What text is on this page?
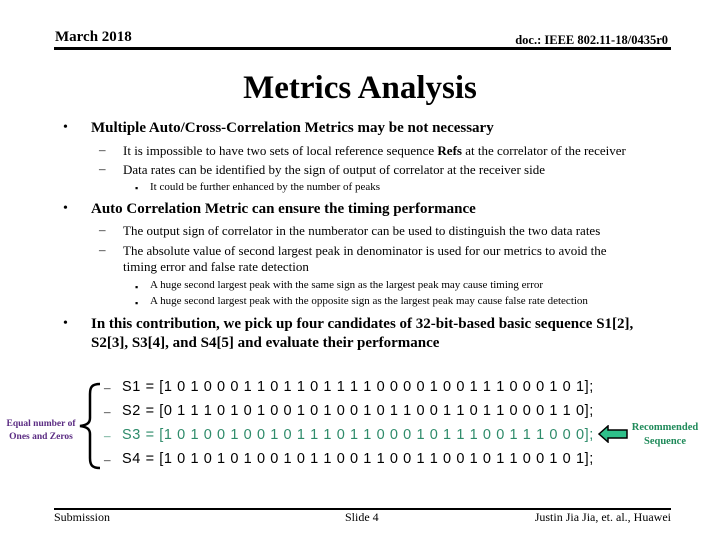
March 2018	doc.: IEEE 802.11-18/0435r0
Metrics Analysis
• Multiple Auto/Cross-Correlation Metrics may be not necessary
– It is impossible to have two sets of local reference sequence Refs at the correlator of the receiver
– Data rates can be identified by the sign of output of correlator at the receiver side
▪ It could be further enhanced by the number of peaks
• Auto Correlation Metric can ensure the timing performance
– The output sign of correlator in the numberator can be used to distinguish the two data rates
– The absolute value of second largest peak in denominator is used for our metrics to avoid the
timing error and false rate detection
▪ A huge second largest peak with the same sign as the largest peak may cause timing error
▪ A huge second largest peak with the opposite sign as the largest peak may cause false rate detection
• In this contribution, we pick up four candidates of 32-bit-based basic sequence S1[2],
S2[3], S3[4], and S4[5] and evaluate their performance
Equal number of
Ones and Zeros
– S1 = [1 0 1 0 0 0 1 1 0 1 1 0 1 1 1 1 0 0 0 0 1 0 0 1 1 1 0 0 0 1 0 1];
– S2 = [0 1 1 1 0 1 0 1 0 0 1 0 1 0 0 1 0 1 1 0 0 1 1 0 1 1 0 0 0 1 1 0];
– S3 = [1 0 1 0 0 1 0 0 1 0 1 1 1 0 1 1 0 0 0 1 0 1 1 1 0 0 1 1 1 0 0 0];
– S4 = [1 0 1 0 1 0 1 0 0 1 0 1 1 0 0 1 1 0 0 1 1 0 0 1 0 1 1 0 0 1 0 1];
Recommended
Sequence
Submission	Slide 4	Justin Jia Jia, et. al., Huawei
